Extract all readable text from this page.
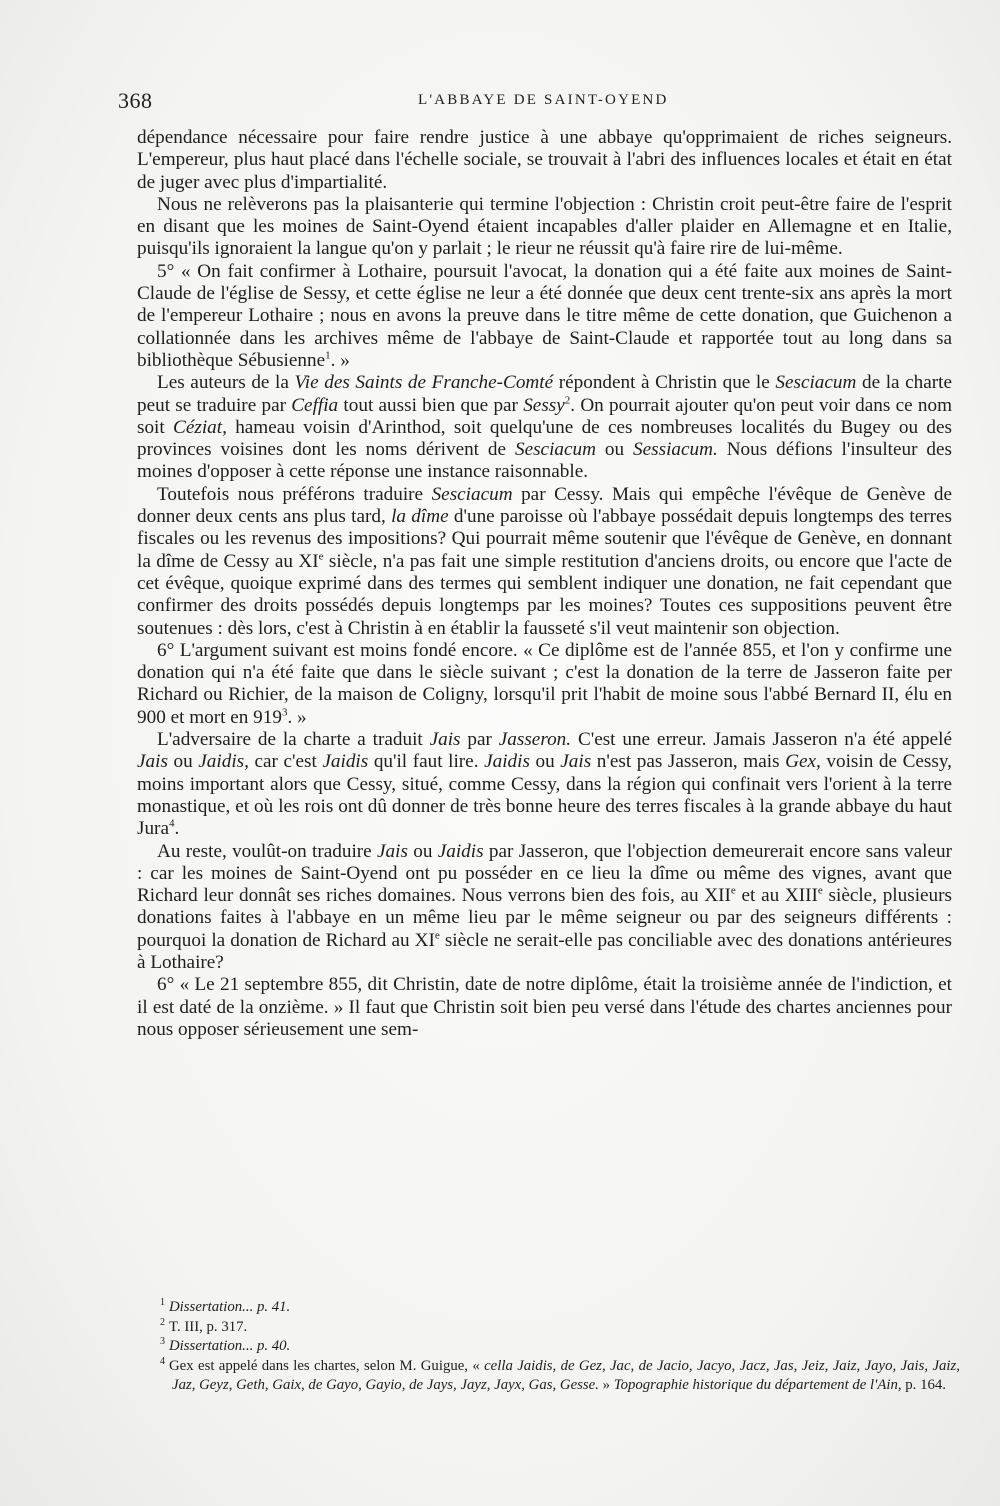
368	L'ABBAYE DE SAINT-OYEND

dépendance nécessaire pour faire rendre justice à une abbaye qu'opprimaient de riches seigneurs. L'empereur, plus haut placé dans l'échelle sociale, se trouvait à l'abri des influences locales et était en état de juger avec plus d'impartialité.

Nous ne relèverons pas la plaisanterie qui termine l'objection : Christin croit peut-être faire de l'esprit en disant que les moines de Saint-Oyend étaient incapables d'aller plaider en Allemagne et en Italie, puisqu'ils ignoraient la langue qu'on y parlait ; le rieur ne réussit qu'à faire rire de lui-même.

5° « On fait confirmer à Lothaire, poursuit l'avocat, la donation qui a été faite aux moines de Saint-Claude de l'église de Sessy, et cette église ne leur a été donnée que deux cent trente-six ans après la mort de l'empereur Lothaire ; nous en avons la preuve dans le titre même de cette donation, que Guichenon a collationnée dans les archives même de l'abbaye de Saint-Claude et rapportée tout au long dans sa bibliothèque Sébusienne$^1$. »

Les auteurs de la Vie des Saints de Franche-Comté répondent à Christin que le Sesciacum de la charte peut se traduire par Ceffia tout aussi bien que par Sessy$^2$. On pourrait ajouter qu'on peut voir dans ce nom soit Céziat, hameau voisin d'Arinthod, soit quelqu'une de ces nombreuses localités du Bugey ou des provinces voisines dont les noms dérivent de Sesciacum ou Sessiacum. Nous défions l'insulteur des moines d'opposer à cette réponse une instance raisonnable.

Toutefois nous préférons traduire Sesciacum par Cessy. Mais qui empêche l'évêque de Genève de donner deux cents ans plus tard, la dîme d'une paroisse où l'abbaye possédait depuis longtemps des terres fiscales ou les revenus des impositions? Qui pourrait même soutenir que l'évêque de Genève, en donnant la dîme de Cessy au XIe siècle, n'a pas fait une simple restitution d'anciens droits, ou encore que l'acte de cet évêque, quoique exprimé dans des termes qui semblent indiquer une donation, ne fait cependant que confirmer des droits possédés depuis longtemps par les moines? Toutes ces suppositions peuvent être soutenues : dès lors, c'est à Christin à en établir la fausseté s'il veut maintenir son objection.

6° L'argument suivant est moins fondé encore. « Ce diplôme est de l'année 855, et l'on y confirme une donation qui n'a été faite que dans le siècle suivant ; c'est la donation de la terre de Jasseron faite per Richard ou Richier, de la maison de Coligny, lorsqu'il prit l'habit de moine sous l'abbé Bernard II, élu en 900 et mort en $919^3$. »

L'adversaire de la charte a traduit Jais par Jasseron. C'est une erreur. Jamais Jasseron n'a été appelé Jais ou Jaidis, car c'est Jaidis qu'il faut lire. Jaidis ou Jais n'est pas Jasseron, mais Gex, voisin de Cessy, moins important alors que Cessy, situé, comme Cessy, dans la région qui confinait vers l'orient à la terre monastique, et où les rois ont dû donner de très bonne heure des terres fiscales à la grande abbaye du haut Jura$^4$.

Au reste, voulût-on traduire Jais ou Jaidis par Jasseron, que l'objection demeurerait encore sans valeur : car les moines de Saint-Oyend ont pu posséder en ce lieu la dîme ou même des vignes, avant que Richard leur donnât ses riches domaines. Nous verrons bien des fois, au XIIe et au XIIIe siècle, plusieurs donations faites à l'abbaye en un même lieu par le même seigneur ou par des seigneurs différents : pourquoi la donation de Richard au XIe siècle ne serait-elle pas conciliable avec des donations antérieures à Lothaire?

6° « Le 21 septembre 855, dit Christin, date de notre diplôme, était la troisième année de l'indiction, et il est daté de la onzième. » Il faut que Christin soit bien peu versé dans l'étude des chartes anciennes pour nous opposer sérieusement une sem-

$^1$ Dissertation... p. 41.

$^2$ T. III, p. 317.

$^3$ Dissertation... p. 40.

$^4$ Gex est appelé dans les chartes, selon M. Guigue, « cella Jaidis, de Gez, Jac, de Jacio, Jacyo, Jacz, Jas, Jeiz, Jaiz, Jayo, Jais, Jaiz, Jaz, Geyz, Geth, Gaix, de Gayo, Gayio, de Jays, Jayz, Jayx, Gas, Gesse. » Topographie historique du département de l'Ain, p. 164.
